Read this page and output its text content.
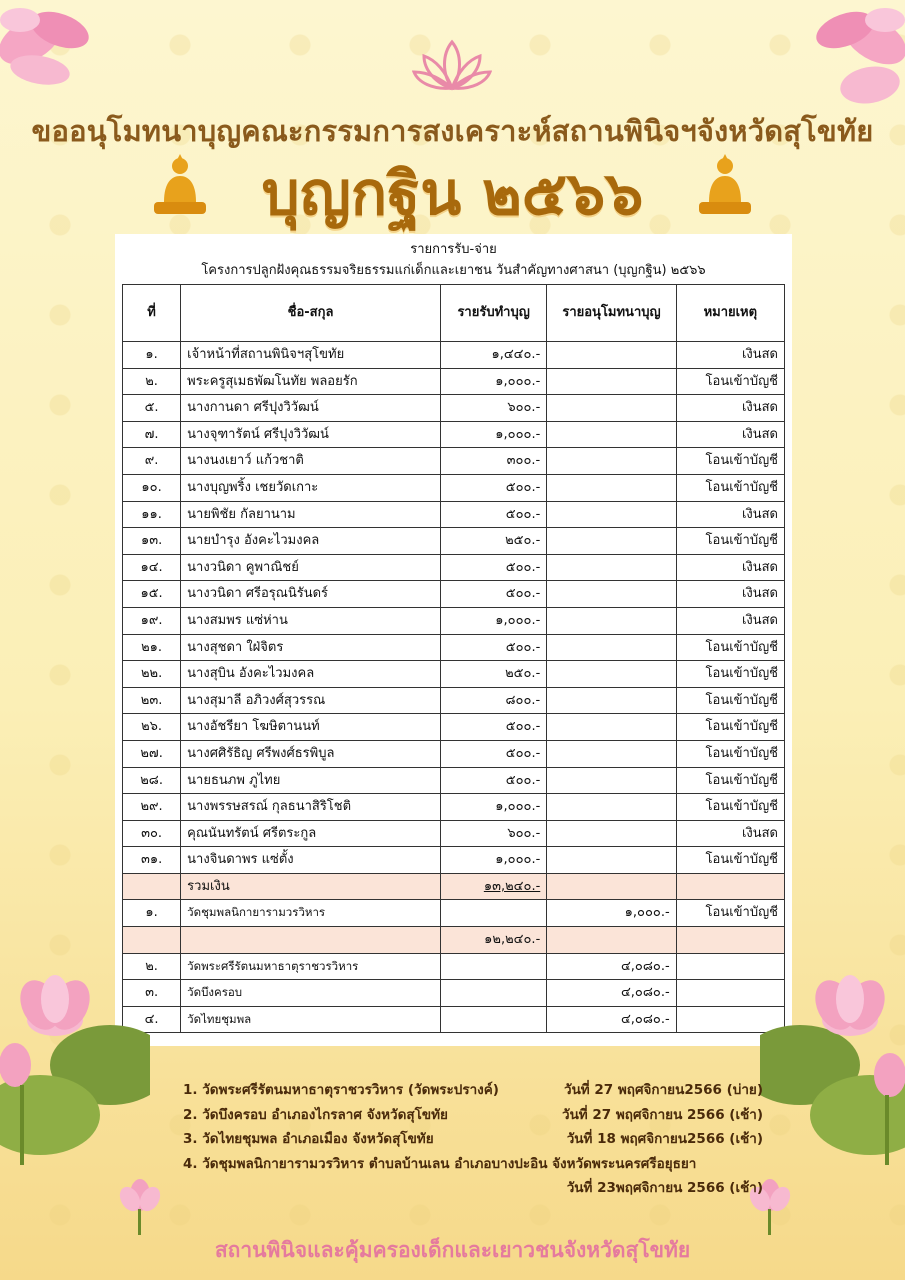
ขออนุโมทนาบุญคณะกรรมการสงเคราะห์สถานพินิจฯจังหวัดสุโขทัย
บุญกฐิน ๒๕๖๖
รายการรับ-จ่าย
โครงการปลูกฝังคุณธรรมจริยธรรมแก่เด็กและเยาชน วันสำคัญทางศาสนา (บุญกฐิน) ๒๕๖๖
ที่	ชื่อ-สกุล	รายรับทำบุญ	รายอนุโมทนาบุญ	หมายเหตุ
๑.	เจ้าหน้าที่สถานพินิจฯสุโขทัย	๑,๔๔๐.-		เงินสด
๒.	พระครูสุเมธพัฒโนทัย พลอยรัก	๑,๐๐๐.-		โอนเข้าบัญชี
๕.	นางกานดา ศรีปุงวิวัฒน์	๖๐๐.-		เงินสด
๗.	นางจุฑารัตน์ ศรีปุงวิวัฒน์	๑,๐๐๐.-		เงินสด
๙.	นางนงเยาว์ แก้วชาติ	๓๐๐.-		โอนเข้าบัญชี
๑๐.	นางบุญพริ้ง เชยวัดเกาะ	๕๐๐.-		โอนเข้าบัญชี
๑๑.	นายพิชัย กัลยานาม	๕๐๐.-		เงินสด
๑๓.	นายบำรุง อังคะไวมงคล	๒๕๐.-		โอนเข้าบัญชี
๑๔.	นางวนิดา คูพาณิชย์	๕๐๐.-		เงินสด
๑๕.	นางวนิดา ศรีอรุณนิรันดร์	๕๐๐.-		เงินสด
๑๙.	นางสมพร แซ่ห่าน	๑,๐๐๐.-		เงินสด
๒๑.	นางสุชดา ใฝ่จิตร	๕๐๐.-		โอนเข้าบัญชี
๒๒.	นางสุบิน อังคะไวมงคล	๒๕๐.-		โอนเข้าบัญชี
๒๓.	นางสุมาลี อภิวงศ์สุวรรณ	๘๐๐.-		โอนเข้าบัญชี
๒๖.	นางอัชรียา โฆษิตานนท์	๕๐๐.-		โอนเข้าบัญชี
๒๗.	นางศศิรัธิญ ศรีพงศ์ธรพิบูล	๕๐๐.-		โอนเข้าบัญชี
๒๘.	นายธนภพ ภูไทย	๕๐๐.-		โอนเข้าบัญชี
๒๙.	นางพรรษสรณ์ กุลธนาสิริโชติ	๑,๐๐๐.-		โอนเข้าบัญชี
๓๐.	คุณนันทรัตน์ ศรีตระกูล	๖๐๐.-		เงินสด
๓๑.	นางจินดาพร แซ่ตั้ง	๑,๐๐๐.-		โอนเข้าบัญชี
	รวมเงิน	๑๓,๒๔๐.-		
๑.	วัดชุมพลนิกายารามวรวิหาร		๑,๐๐๐.-	โอนเข้าบัญชี
		๑๒,๒๔๐.-		
๒.	วัดพระศรีรัตนมหาธาตุราชวรวิหาร		๔,๐๘๐.-	
๓.	วัดบึงครอบ		๔,๐๘๐.-	
๔.	วัดไทยชุมพล		๔,๐๘๐.-	
1. วัดพระศรีรัตนมหาธาตุราชวรวิหาร (วัดพระปรางค์)	วันที่ 27 พฤศจิกายน2566 (บ่าย)
2. วัดบึงครอบ อำเภองไกรลาศ จังหวัดสุโขทัย	วันที่ 27 พฤศจิกายน 2566 (เช้า)
3. วัดไทยชุมพล อำเภอเมือง จังหวัดสุโขทัย	วันที่ 18 พฤศจิกายน2566 (เช้า)
4. วัดชุมพลนิกายารามวรวิหาร ตำบลบ้านเลน อำเภอบางปะอิน จังหวัดพระนครศรีอยุธยา
วันที่ 23พฤศจิกายน 2566 (เช้า)
สถานพินิจและคุ้มครองเด็กและเยาวชนจังหวัดสุโขทัย
